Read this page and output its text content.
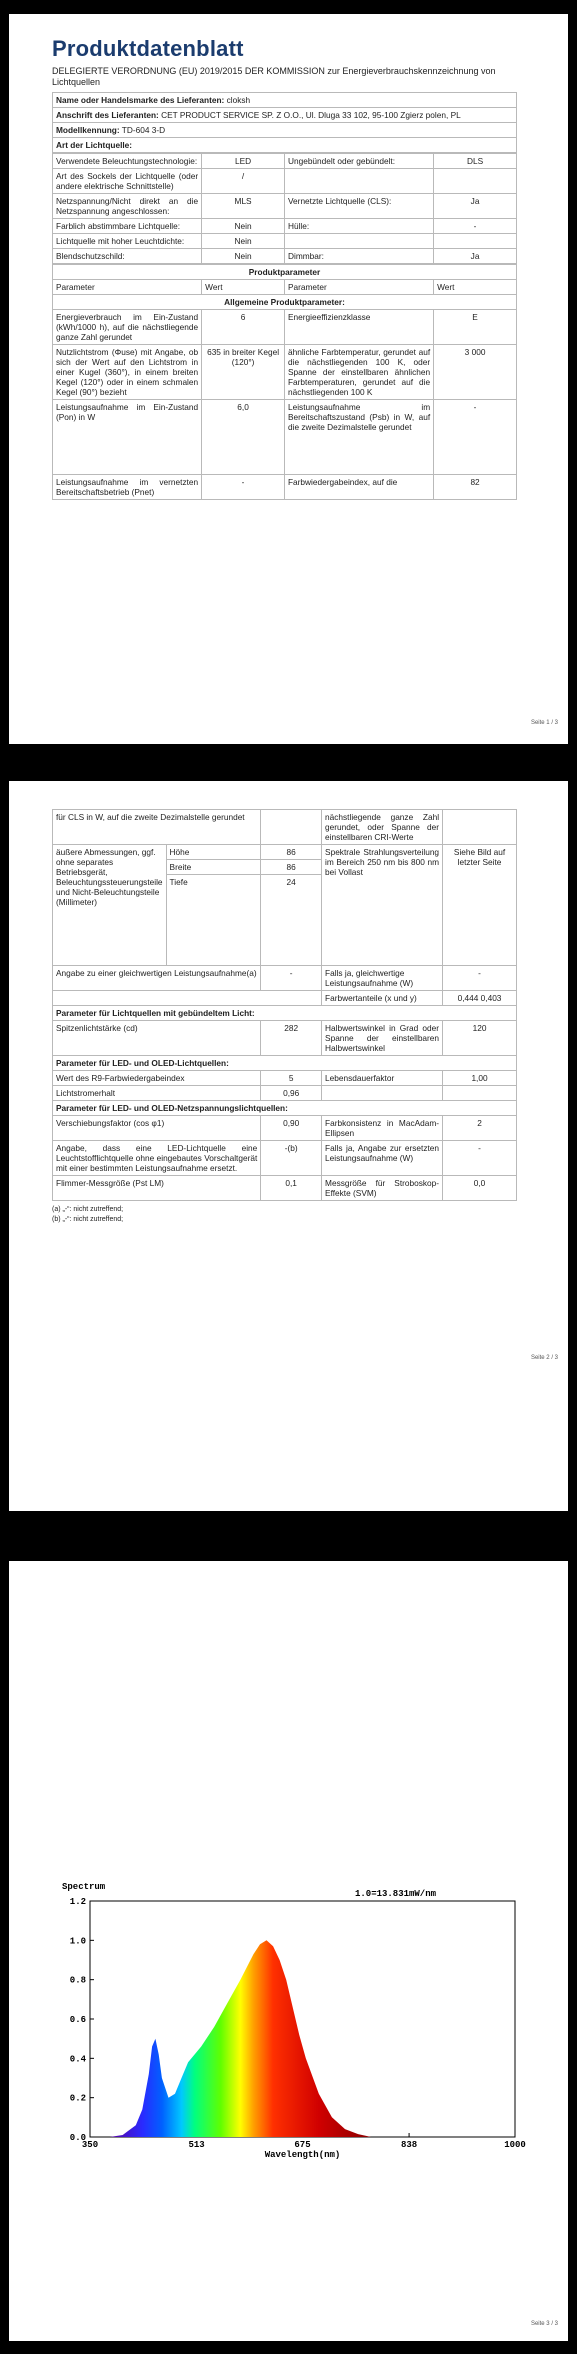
Produktdatenblatt
DELEGIERTE VERORDNUNG (EU) 2019/2015 DER KOMMISSION zur Energieverbrauchskennzeichnung von Lichtquellen
Name oder Handelsmarke des Lieferanten: cloksh
Anschrift des Lieferanten: CET PRODUCT SERVICE SP. Z O.O., Ul. Dluga 33 102, 95-100 Zgierz polen, PL
Modellkennung: TD-604 3-D
Art der Lichtquelle:
Verwendete Beleuchtungstechnologie:	LED	Ungebündelt oder gebündelt:	DLS
Art des Sockels der Lichtquelle (oder andere elektrische Schnittstelle)	/		
Netzspannung/Nicht direkt an die Netzspannung angeschlossen:	MLS	Vernetzte Lichtquelle (CLS):	Ja
Farblich abstimmbare Lichtquelle:	Nein	Hülle:	-
Lichtquelle mit hoher Leuchtdichte:	Nein		
Blendschutzschild:	Nein	Dimmbar:	Ja
Produktparameter			
Parameter	Wert	Parameter	Wert
Allgemeine Produktparameter:			
Energieverbrauch im Ein-Zustand (kWh/1000 h), auf die nächstliegende ganze Zahl gerundet	6	Energieeffizienzklasse	E
Nutzlichtstrom (Φuse) mit Angabe, ob sich der Wert auf den Lichtstrom in einer Kugel (360°), in einem breiten Kegel (120°) oder in einem schmalen Kegel (90°) bezieht	635 in breiter Kegel (120°)	ähnliche Farbtemperatur, gerundet auf die nächstliegenden 100 K, oder Spanne der einstellbaren ähnlichen Farbtemperaturen, gerundet auf die nächstliegenden 100 K	3 000
Leistungsaufnahme im Ein-Zustand (Pon) in W	6,0	Leistungsaufnahme im Bereitschaftszustand (Psb) in W, auf die zweite Dezimalstelle gerundet	-
Leistungsaufnahme im vernetzten Bereitschaftsbetrieb (Pnet)	-	Farbwiedergabeindex, auf die	82
Seite 1 / 3
für CLS in W, auf die zweite Dezimalstelle gerundet			nächstliegende ganze Zahl gerundet, oder Spanne der einstellbaren CRI-Werte	
äußere Abmessungen, ggf. ohne separates Betriebsgerät, Beleuchtungssteuerungsteile und Nicht-Beleuchtungsteile (Millimeter)	Höhe	86	Spektrale Strahlungsverteilung im Bereich 250 nm bis 800 nm bei Vollast	Siehe Bild auf letzter Seite
	Breite	86		
	Tiefe	24		
Angabe zu einer gleichwertigen Leistungsaufnahme(a)		-	Falls ja, gleichwertige Leistungsaufnahme (W)	-
			Farbwertanteile (x und y)	0,444 0,403
Parameter für Lichtquellen mit gebündeltem Licht:				
Spitzenlichtstärke (cd)		282	Halbwertswinkel in Grad oder Spanne der einstellbaren Halbwertswinkel	120
Parameter für LED- und OLED-Lichtquellen:				
Wert des R9-Farbwiedergabeindex		5	Lebensdauerfaktor	1,00
Lichtstromerhalt		0,96		
Parameter für LED- und OLED-Netzspannungslichtquellen:				
Verschiebungsfaktor (cos φ1)		0,90	Farbkonsistenz in MacAdam-Ellipsen	2
Angabe, dass eine LED-Lichtquelle eine Leuchtstofflichtquelle ohne eingebautes Vorschaltgerät mit einer bestimmten Leistungsaufnahme ersetzt.		-(b)	Falls ja, Angabe zur ersetzten Leistungsaufnahme (W)	-
Flimmer-Messgröße (Pst LM)		0,1	Messgröße für Stroboskop-Effekte (SVM)	0,0
(a) „-“: nicht zutreffend;
(b) „-“: nicht zutreffend;
Seite 2 / 3
Spectrum
1.0=13.831mW/nm
0.0
0.2
0.4
0.6
0.8
1.0
1.2
350	513	675	838	1000
Wavelength(nm)
Seite 3 / 3
